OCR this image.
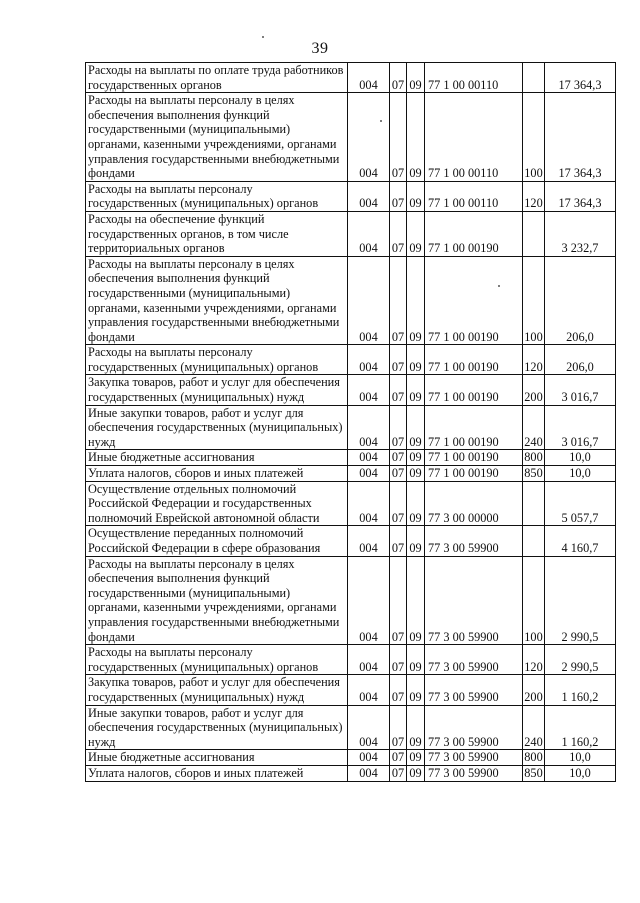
39
Расходы на выплаты по оплате труда работников государственных органов	004	07	09	77 1 00 00110		17 364,3
Расходы на выплаты персоналу в целях обеспечения выполнения функций государственными (муниципальными) органами, казенными учреждениями, органами управления государственными внебюджетными фондами	004	07	09	77 1 00 00110	100	17 364,3
Расходы на выплаты персоналу государственных (муниципальных) органов	004	07	09	77 1 00 00110	120	17 364,3
Расходы на обеспечение функций государственных органов, в том числе территориальных органов	004	07	09	77 1 00 00190		3 232,7
Расходы на выплаты персоналу в целях обеспечения выполнения функций государственными (муниципальными) органами, казенными учреждениями, органами управления государственными внебюджетными фондами	004	07	09	77 1 00 00190	100	206,0
Расходы на выплаты персоналу государственных (муниципальных) органов	004	07	09	77 1 00 00190	120	206,0
Закупка товаров, работ и услуг для обеспечения государственных (муниципальных) нужд	004	07	09	77 1 00 00190	200	3 016,7
Иные закупки товаров, работ и услуг для обеспечения государственных (муниципальных) нужд	004	07	09	77 1 00 00190	240	3 016,7
Иные бюджетные ассигнования	004	07	09	77 1 00 00190	800	10,0
Уплата налогов, сборов и иных платежей	004	07	09	77 1 00 00190	850	10,0
Осуществление отдельных полномочий Российской Федерации и государственных полномочий Еврейской автономной области	004	07	09	77 3 00 00000		5 057,7
Осуществление переданных полномочий Российской Федерации в сфере образования	004	07	09	77 3 00 59900		4 160,7
Расходы на выплаты персоналу в целях обеспечения выполнения функций государственными (муниципальными) органами, казенными учреждениями, органами управления государственными внебюджетными фондами	004	07	09	77 3 00 59900	100	2 990,5
Расходы на выплаты персоналу государственных (муниципальных) органов	004	07	09	77 3 00 59900	120	2 990,5
Закупка товаров, работ и услуг для обеспечения государственных (муниципальных) нужд	004	07	09	77 3 00 59900	200	1 160,2
Иные закупки товаров, работ и услуг для обеспечения государственных (муниципальных) нужд	004	07	09	77 3 00 59900	240	1 160,2
Иные бюджетные ассигнования	004	07	09	77 3 00 59900	800	10,0
Уплата налогов, сборов и иных платежей	004	07	09	77 3 00 59900	850	10,0
